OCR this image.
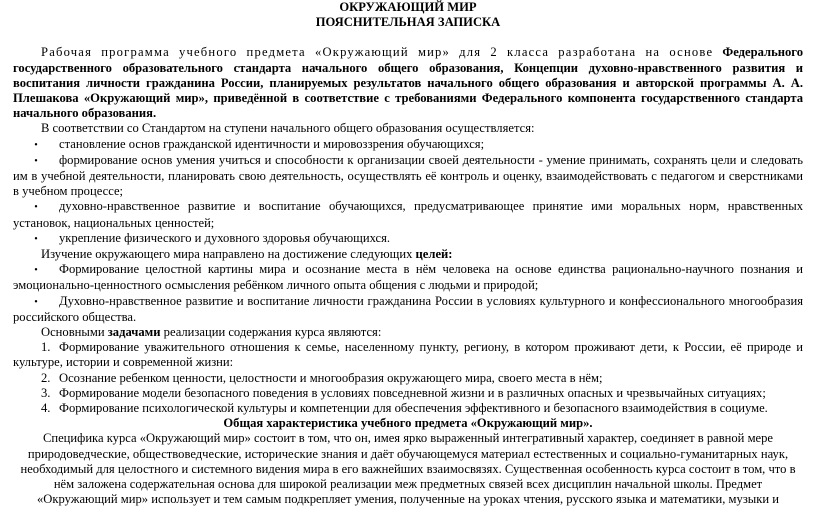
ОКРУЖАЮЩИЙ МИР
ПОЯСНИТЕЛЬНАЯ ЗАПИСКА
Рабочая программа учебного предмета «Окружающий мир» для 2 класса разработана на основе Федерального государственного образовательного стандарта начального общего образования, Концепции духовно-нравственного развития и воспитания личности гражданина России, планируемых результатов начального общего образования и авторской программы А. А. Плешакова «Окружающий мир», приведённой в соответствие с требованиями Федерального компонента государственного стандарта начального образования.
В соответствии со Стандартом на ступени начального общего образования осуществляется:
•	становление основ гражданской идентичности и мировоззрения обучающихся;
• формирование основ умения учиться и способности к организации своей деятельности - умение принимать, сохранять цели и следовать им в учебной деятельности, планировать свою деятельность, осуществлять её контроль и оценку, взаимодействовать с педагогом и сверстниками в учебном процессе;
• духовно-нравственное развитие и воспитание обучающихся, предусматривающее принятие ими моральных норм, нравственных установок, национальных ценностей;
•	укрепление физического и духовного здоровья обучающихся.
Изучение окружающего мира направлено на достижение следующих целей:
• Формирование целостной картины мира и осознание места в нём человека на основе единства рационально-научного познания и эмоционально-ценностного осмысления ребёнком личного опыта общения с людьми и природой;
• Духовно-нравственное развитие и воспитание личности гражданина России в условиях культурного и конфессионального многообразия российского общества.
Основными задачами реализации содержания курса являются:
1. Формирование уважительного отношения к семье, населенному пункту, региону, в котором проживают дети, к России, её природе и культуре, истории и современной жизни:
2. Осознание ребенком ценности, целостности и многообразия окружающего мира, своего места в нём;
3. Формирование модели безопасного поведения в условиях повседневной жизни и в различных опасных и чрезвычайных ситуациях;
4. Формирование психологической культуры и компетенции для обеспечения эффективного и безопасного взаимодействия в социуме.
Общая характеристика учебного предмета «Окружающий мир».
Специфика курса «Окружающий мир» состоит в том, что он, имея ярко выраженный интегративный характер, соединяет в равной мере природоведческие, обществоведческие, исторические знания и даёт обучающемуся материал естественных и социально-гуманитарных наук, необходимый для целостного и системного видения мира в его важнейших взаимосвязях. Существенная особенность курса состоит в том, что в нём заложена содержательная основа для широкой реализации меж предметных связей всех дисциплин начальной школы. Предмет «Окружающий мир» использует и тем самым подкрепляет умения, полученные на уроках чтения, русского языка и математики, музыки и
